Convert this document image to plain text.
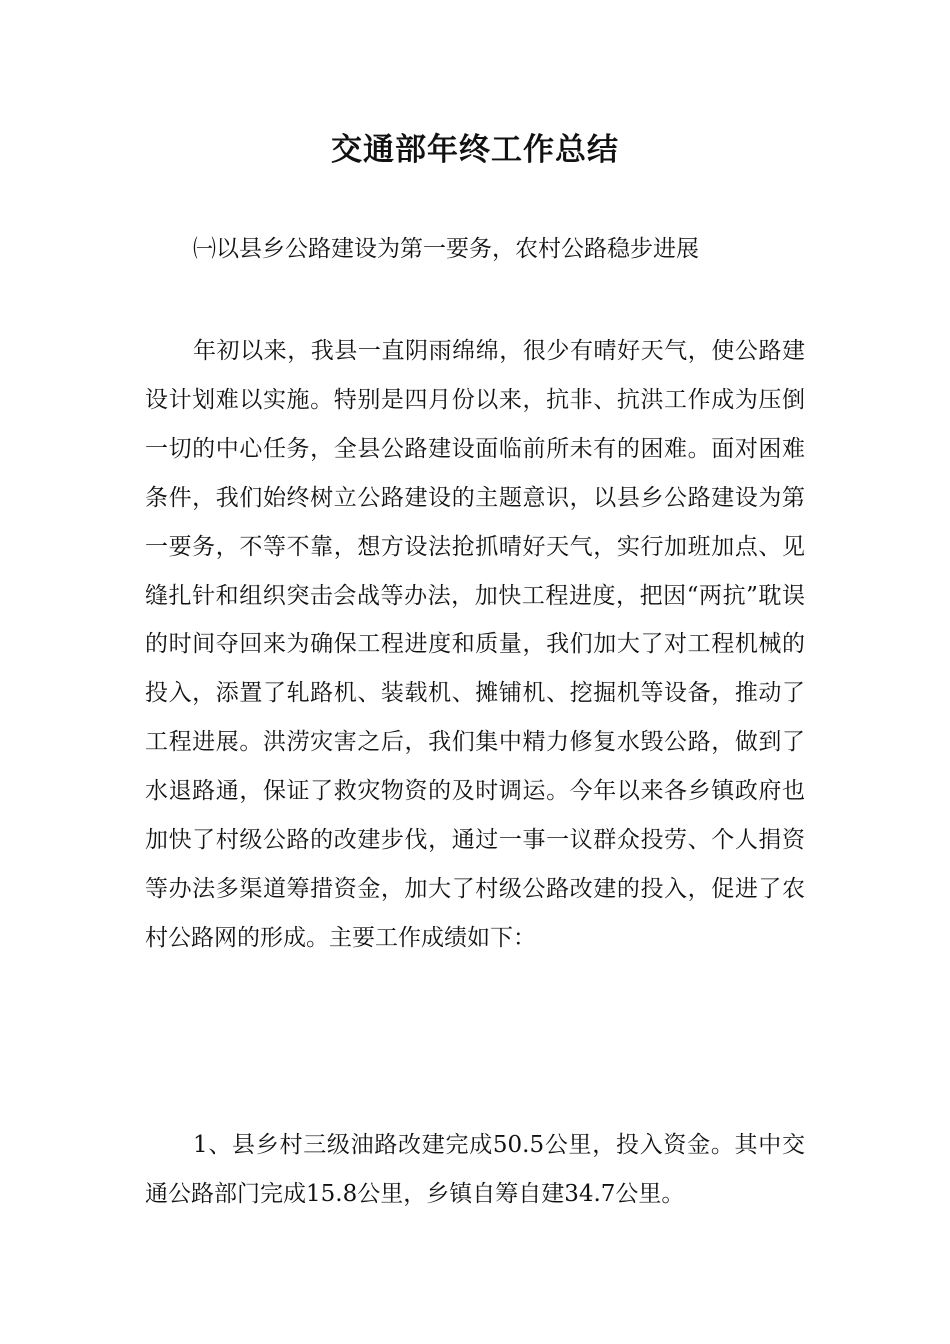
交通部年终工作总结

㈠以县乡公路建设为第一要务，农村公路稳步进展

年初以来，我县一直阴雨绵绵，很少有晴好天气，使公路建设计划难以实施。特别是四月份以来，抗非、抗洪工作成为压倒一切的中心任务，全县公路建设面临前所未有的困难。面对困难条件，我们始终树立公路建设的主题意识，以县乡公路建设为第一要务，不等不靠，想方设法抢抓晴好天气，实行加班加点、见缝扎针和组织突击会战等办法，加快工程进度，把因“两抗”耽误的时间夺回来为确保工程进度和质量，我们加大了对工程机械的投入，添置了轧路机、装载机、摊铺机、挖掘机等设备，推动了工程进展。洪涝灾害之后，我们集中精力修复水毁公路，做到了水退路通，保证了救灾物资的及时调运。今年以来各乡镇政府也加快了村级公路的改建步伐，通过一事一议群众投劳、个人捐资等办法多渠道筹措资金，加大了村级公路改建的投入，促进了农村公路网的形成。主要工作成绩如下：

1、县乡村三级油路改建完成50.5公里，投入资金。其中交通公路部门完成15.8公里，乡镇自筹自建34.7公里。
